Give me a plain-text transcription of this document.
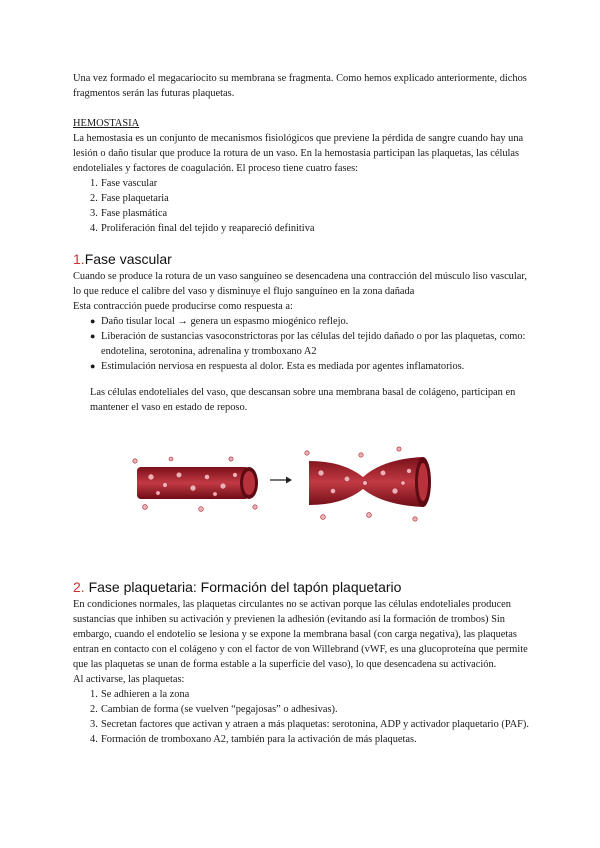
Una vez formado el megacariocito su membrana se fragmenta. Como hemos explicado anteriormente, dichos fragmentos serán las futuras plaquetas.

HEMOSTASIA

La hemostasia es un conjunto de mecanismos fisiológicos que previene la pérdida de sangre cuando hay una lesión o daño tisular que produce la rotura de un vaso. En la hemostasia participan las plaquetas, las células endoteliales y factores de coagulación. El proceso tiene cuatro fases:

1. Fase vascular
2. Fase plaquetaria
3. Fase plasmática
4. Proliferación final del tejido y reapareció definitiva
1.Fase vascular

Cuando se produce la rotura de un vaso sanguíneo se desencadena una contracción del músculo liso vascular, lo que reduce el calibre del vaso y disminuye el flujo sanguíneo en la zona dañada

Esta contracción puede producirse como respuesta a:

● Daño tisular local → genera un espasmo miogénico reflejo.
● Liberación de sustancias vasoconstrictoras por las células del tejido dañado o por las plaquetas, como: endotelina, serotonina, adrenalina y tromboxano A2
● Estimulación nerviosa en respuesta al dolor. Esta es mediada por agentes inflamatorios.

Las células endoteliales del vaso, que descansan sobre una membrana basal de colágeno, participan en mantener el vaso en estado de reposo.

2. Fase plaquetaria: Formación del tapón plaquetario

En condiciones normales, las plaquetas circulantes no se activan porque las células endoteliales producen sustancias que inhiben su activación y previenen la adhesión (evitando así la formación de trombos) Sin embargo, cuando el endotelio se lesiona y se expone la membrana basal (con carga negativa), las plaquetas entran en contacto con el colágeno y con el factor de von Willebrand (vWF, es una glucoproteína que permite que las plaquetas se unan de forma estable a la superficie del vaso), lo que desencadena su activación.

Al activarse, las plaquetas:

1. Se adhieren a la zona
2. Cambian de forma (se vuelven “pegajosas” o adhesivas).
3. Secretan factores que activan y atraen a más plaquetas: serotonina, ADP y activador plaquetario (PAF).
4. Formación de tromboxano A2, también para la activación de más plaquetas.
